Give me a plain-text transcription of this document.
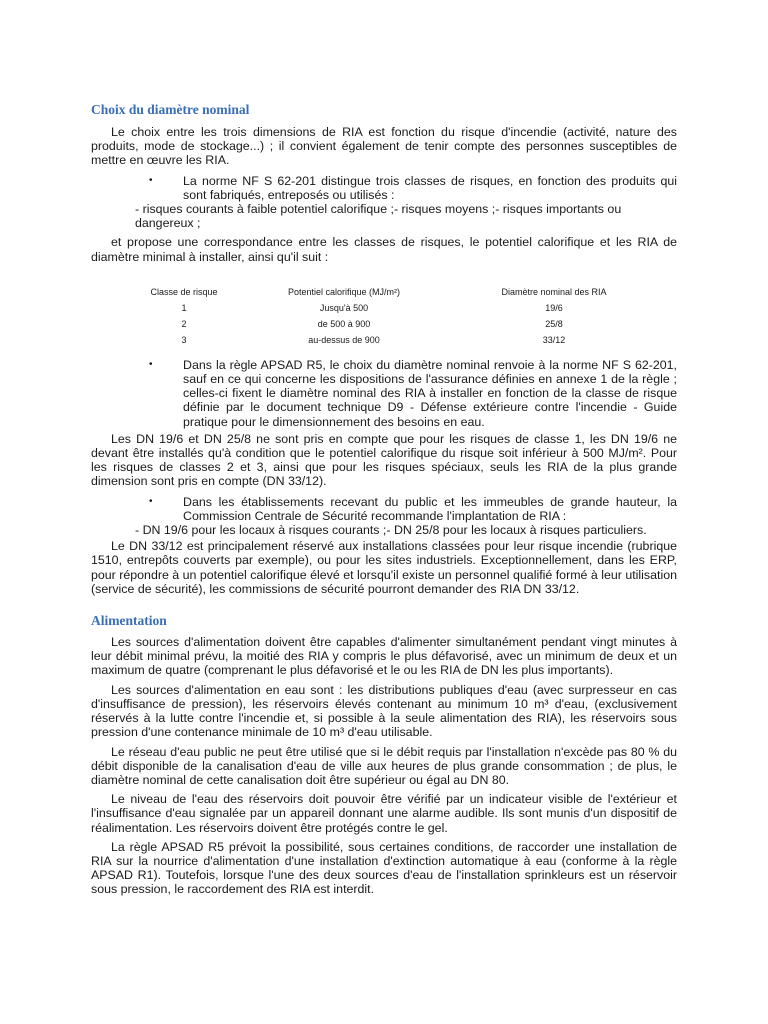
Choix du diamètre nominal

Le choix entre les trois dimensions de RIA est fonction du risque d'incendie (activité, nature des produits, mode de stockage...) ; il convient également de tenir compte des personnes susceptibles de mettre en œuvre les RIA.

• La norme NF S 62-201 distingue trois classes de risques, en fonction des produits qui sont fabriqués, entreposés ou utilisés :

- risques courants à faible potentiel calorifique ;- risques moyens ;- risques importants ou dangereux ;

et propose une correspondance entre les classes de risques, le potentiel calorifique et les RIA de diamètre minimal à installer, ainsi qu'il suit :

Classe de risque	Potentiel calorifique (MJ/m²)	Diamètre nominal des RIA
1	Jusqu'à 500	19/6
2	de 500 à 900	25/8
3	au-dessus de 900	33/12
• Dans la règle APSAD R5, le choix du diamètre nominal renvoie à la norme NF S 62-201, sauf en ce qui concerne les dispositions de l'assurance définies en annexe 1 de la règle ; celles-ci fixent le diamètre nominal des RIA à installer en fonction de la classe de risque définie par le document technique D9 - Défense extérieure contre l'incendie - Guide pratique pour le dimensionnement des besoins en eau.

Les DN 19/6 et DN 25/8 ne sont pris en compte que pour les risques de classe 1, les DN 19/6 ne devant être installés qu'à condition que le potentiel calorifique du risque soit inférieur à 500 MJ/m². Pour les risques de classes 2 et 3, ainsi que pour les risques spéciaux, seuls les RIA de la plus grande dimension sont pris en compte (DN 33/12).

• Dans les établissements recevant du public et les immeubles de grande hauteur, la Commission Centrale de Sécurité recommande l'implantation de RIA :

- DN 19/6 pour les locaux à risques courants ;- DN 25/8 pour les locaux à risques particuliers.

Le DN 33/12 est principalement réservé aux installations classées pour leur risque incendie (rubrique 1510, entrepôts couverts par exemple), ou pour les sites industriels. Exceptionnellement, dans les ERP, pour répondre à un potentiel calorifique élevé et lorsqu'il existe un personnel qualifié formé à leur utilisation (service de sécurité), les commissions de sécurité pourront demander des RIA DN 33/12.

Alimentation

Les sources d'alimentation doivent être capables d'alimenter simultanément pendant vingt minutes à leur débit minimal prévu, la moitié des RIA y compris le plus défavorisé, avec un minimum de deux et un maximum de quatre (comprenant le plus défavorisé et le ou les RIA de DN les plus importants).

Les sources d'alimentation en eau sont : les distributions publiques d'eau (avec surpresseur en cas d'insuffisance de pression), les réservoirs élevés contenant au minimum 10 m³ d'eau, (exclusivement réservés à la lutte contre l'incendie et, si possible à la seule alimentation des RIA), les réservoirs sous pression d'une contenance minimale de 10 m³ d'eau utilisable.

Le réseau d'eau public ne peut être utilisé que si le débit requis par l'installation n'excède pas 80 % du débit disponible de la canalisation d'eau de ville aux heures de plus grande consommation ; de plus, le diamètre nominal de cette canalisation doit être supérieur ou égal au DN 80.

Le niveau de l'eau des réservoirs doit pouvoir être vérifié par un indicateur visible de l'extérieur et l'insuffisance d'eau signalée par un appareil donnant une alarme audible. Ils sont munis d'un dispositif de réalimentation. Les réservoirs doivent être protégés contre le gel.

La règle APSAD R5 prévoit la possibilité, sous certaines conditions, de raccorder une installation de RIA sur la nourrice d'alimentation d'une installation d'extinction automatique à eau (conforme à la règle APSAD R1). Toutefois, lorsque l'une des deux sources d'eau de l'installation sprinkleurs est un réservoir sous pression, le raccordement des RIA est interdit.
